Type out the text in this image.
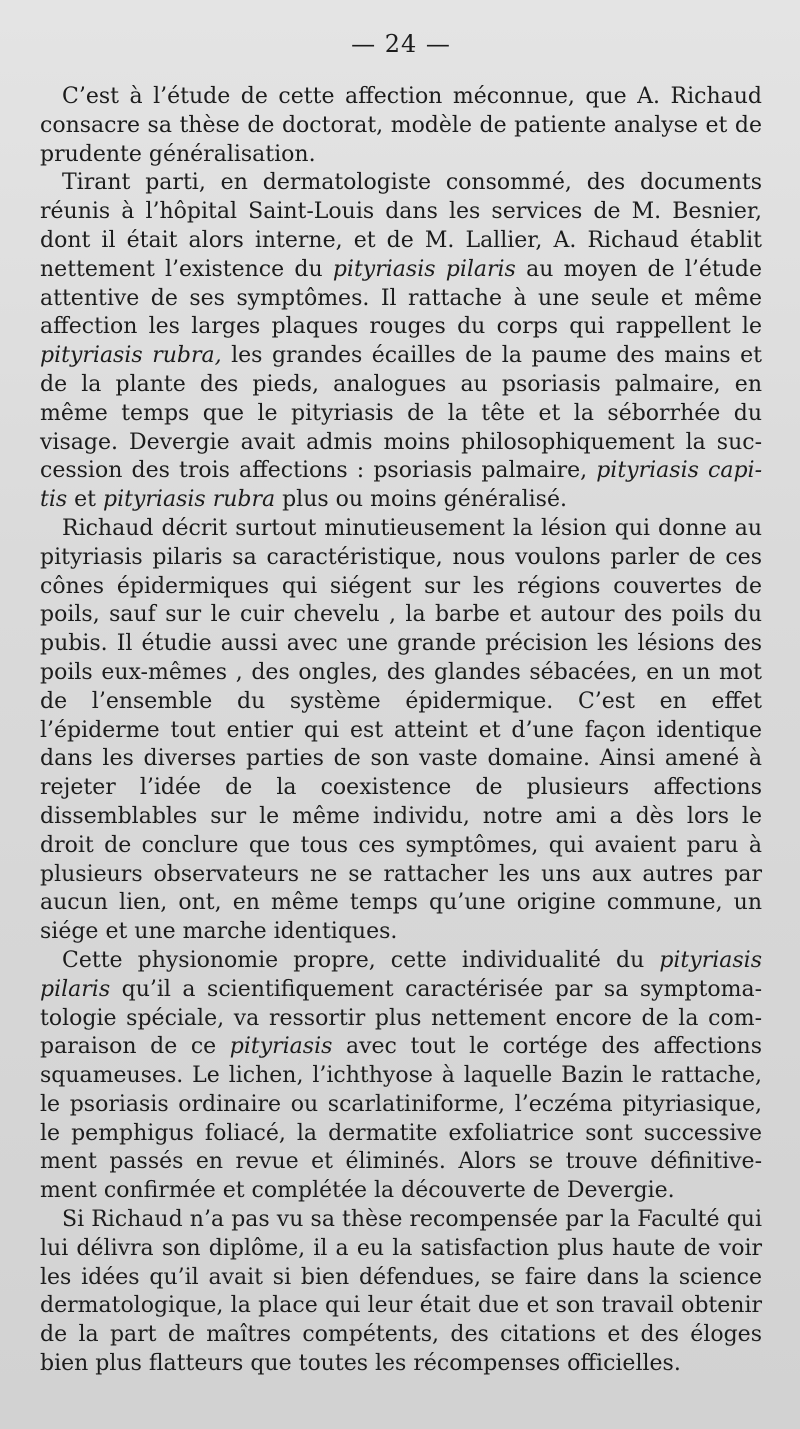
— 24 —

C’est à l’étude de cette affection méconnue, que A. Richaud consacre sa thèse de doctorat, modèle de patiente analyse et de prudente généralisation.

Tirant parti, en dermatologiste consommé, des documents réunis à l’hôpital Saint-Louis dans les services de M. Besnier, dont il était alors interne, et de M. Lallier, A. Richaud établit nettement l’existence du pityriasis pilaris au moyen de l’étude attentive de ses symptômes. Il rattache à une seule et même affection les larges plaques rouges du corps qui rappellent le pityriasis rubra, les grandes écailles de la paume des mains et de la plante des pieds, analogues au psoriasis palmaire, en même temps que le pityriasis de la tête et la séborrhée du visage. Devergie avait admis moins philosophiquement la succession des trois affections : psoriasis palmaire, pityriasis capitis et pityriasis rubra plus ou moins généralisé.

Richaud décrit surtout minutieusement la lésion qui donne au pityriasis pilaris sa caractéristique, nous voulons parler de ces cônes épidermiques qui siégent sur les régions couvertes de poils, sauf sur le cuir chevelu , la barbe et autour des poils du pubis. Il étudie aussi avec une grande précision les lésions des poils eux-mêmes , des ongles, des glandes sébacées, en un mot de l’ensemble du système épidermique. C’est en effet l’épiderme tout entier qui est atteint et d’une façon identique dans les diverses parties de son vaste domaine. Ainsi amené à rejeter l’idée de la coexistence de plusieurs affections dissemblables sur le même individu, notre ami a dès lors le droit de conclure que tous ces symptômes, qui avaient paru à plusieurs observateurs ne se rattacher les uns aux autres par aucun lien, ont, en même temps qu’une origine commune, un siége et une marche identiques.

Cette physionomie propre, cette individualité du pityriasis pilaris qu’il a scientifiquement caractérisée par sa symptomatologie spéciale, va ressortir plus nettement encore de la comparaison de ce pityriasis avec tout le cortége des affections squameuses. Le lichen, l’ichthyose à laquelle Bazin le rattache, le psoriasis ordinaire ou scarlatiniforme, l’eczéma pityriasique, le pemphigus foliacé, la dermatite exfoliatrice sont successive ment passés en revue et éliminés. Alors se trouve définitivement confirmée et complétée la découverte de Devergie.

Si Richaud n’a pas vu sa thèse recompensée par la Faculté qui lui délivra son diplôme, il a eu la satisfaction plus haute de voir les idées qu’il avait si bien défendues, se faire dans la science dermatologique, la place qui leur était due et son travail obtenir de la part de maîtres compétents, des citations et des éloges bien plus flatteurs que toutes les récompenses officielles.
